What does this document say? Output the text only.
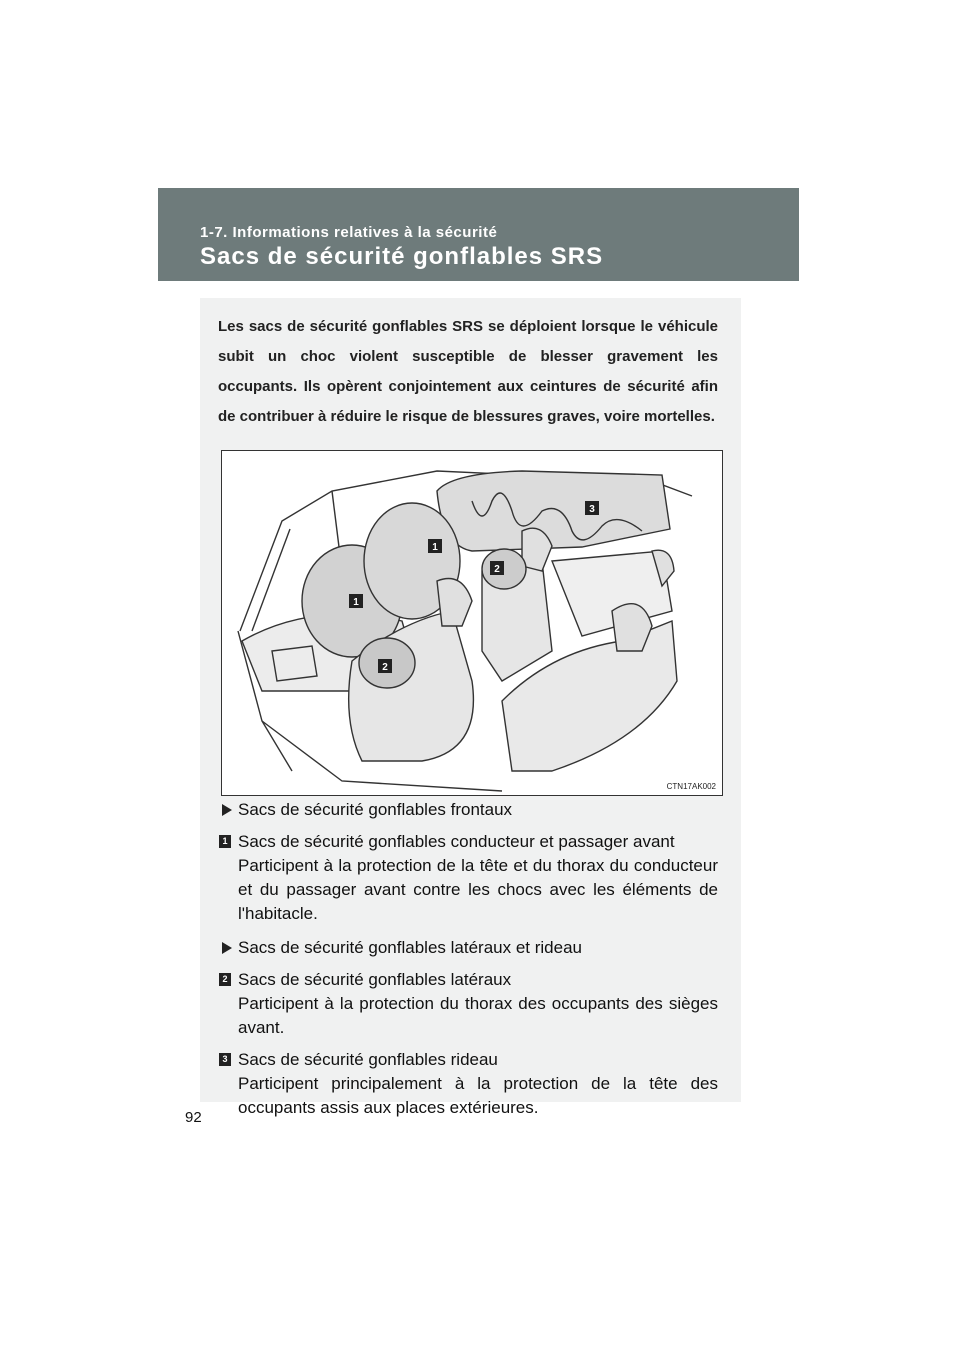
1-7. Informations relatives à la sécurité
Sacs de sécurité gonflables SRS
Les sacs de sécurité gonflables SRS se déploient lorsque le véhicule subit un choc violent susceptible de blesser gravement les occupants. Ils opèrent conjointement aux ceintures de sécurité afin de contribuer à réduire le risque de blessures graves, voire mortelles.
1
1
2
2
3
CTN17AK002
Sacs de sécurité gonflables frontaux
1 Sacs de sécurité gonflables conducteur et passager avant
Participent à la protection de la tête et du thorax du conducteur et du passager avant contre les chocs avec les éléments de l'habitacle.
Sacs de sécurité gonflables latéraux et rideau
2 Sacs de sécurité gonflables latéraux
Participent à la protection du thorax des occupants des sièges avant.
3 Sacs de sécurité gonflables rideau
Participent principalement à la protection de la tête des occupants assis aux places extérieures.
92
